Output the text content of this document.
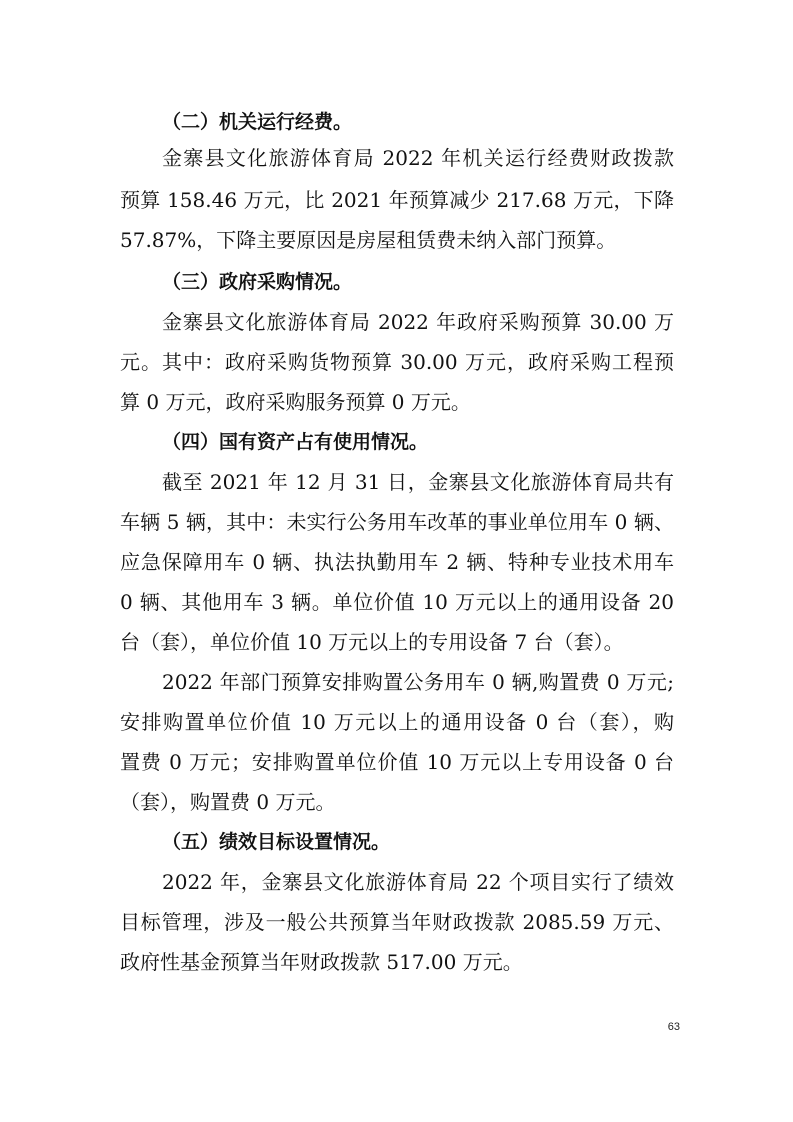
（二）机关运行经费。
金寨县文化旅游体育局 2022 年机关运行经费财政拨款
预算 158.46 万元，比 2021 年预算减少 217.68 万元，下降
57.87%，下降主要原因是房屋租赁费未纳入部门预算。
（三）政府采购情况。
金寨县文化旅游体育局 2022 年政府采购预算 30.00 万
元。其中：政府采购货物预算 30.00 万元，政府采购工程预
算 0 万元，政府采购服务预算 0 万元。
（四）国有资产占有使用情况。
截至 2021 年 12 月 31 日，金寨县文化旅游体育局共有
车辆 5 辆，其中：未实行公务用车改革的事业单位用车 0 辆、
应急保障用车 0 辆、执法执勤用车 2 辆、特种专业技术用车
0 辆、其他用车 3 辆。单位价值 10 万元以上的通用设备 20
台（套），单位价值 10 万元以上的专用设备 7 台（套）。
2022 年部门预算安排购置公务用车 0 辆,购置费 0 万元;
安排购置单位价值 10 万元以上的通用设备 0 台（套），购
置费 0 万元；安排购置单位价值 10 万元以上专用设备 0 台
（套），购置费 0 万元。
（五）绩效目标设置情况。
2022 年，金寨县文化旅游体育局 22 个项目实行了绩效
目标管理，涉及一般公共预算当年财政拨款 2085.59 万元、
政府性基金预算当年财政拨款 517.00 万元。
63
